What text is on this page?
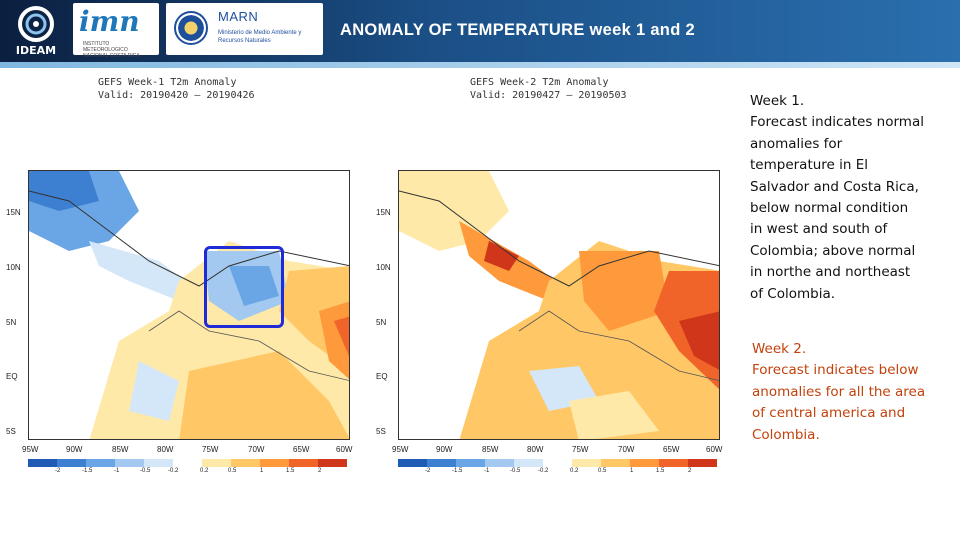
IDEAM
imn
INSTITUTO METEOROLOGICO NACIONAL COSTA RICA
MARN
Ministerio de Medio Ambiente y Recursos Naturales
ANOMALY OF TEMPERATURE week 1 and 2
GEFS Week-1 T2m Anomaly
Valid: 20190420 – 20190426
15N
10N
5N
EQ
5S
95W	90W	85W	80W	75W	70W	65W	60W
-2	-1.5	-1	-0.5	-0.2	0.2	0.5	1	1.5	2
GEFS Week-2 T2m Anomaly
Valid: 20190427 – 20190503
15N
10N
5N
EQ
5S
95W	90W	85W	80W	75W	70W	65W	60W
-2	-1.5	-1	-0.5	-0.2	0.2	0.5	1	1.5	2
Week 1.
Forecast indicates normal
anomalies for
temperature in El
Salvador and Costa Rica,
below normal condition
in west and south of
Colombia; above normal
in northe and northeast
of Colombia.
Week 2.
Forecast indicates below
anomalies for all the area
of central america and
Colombia.
